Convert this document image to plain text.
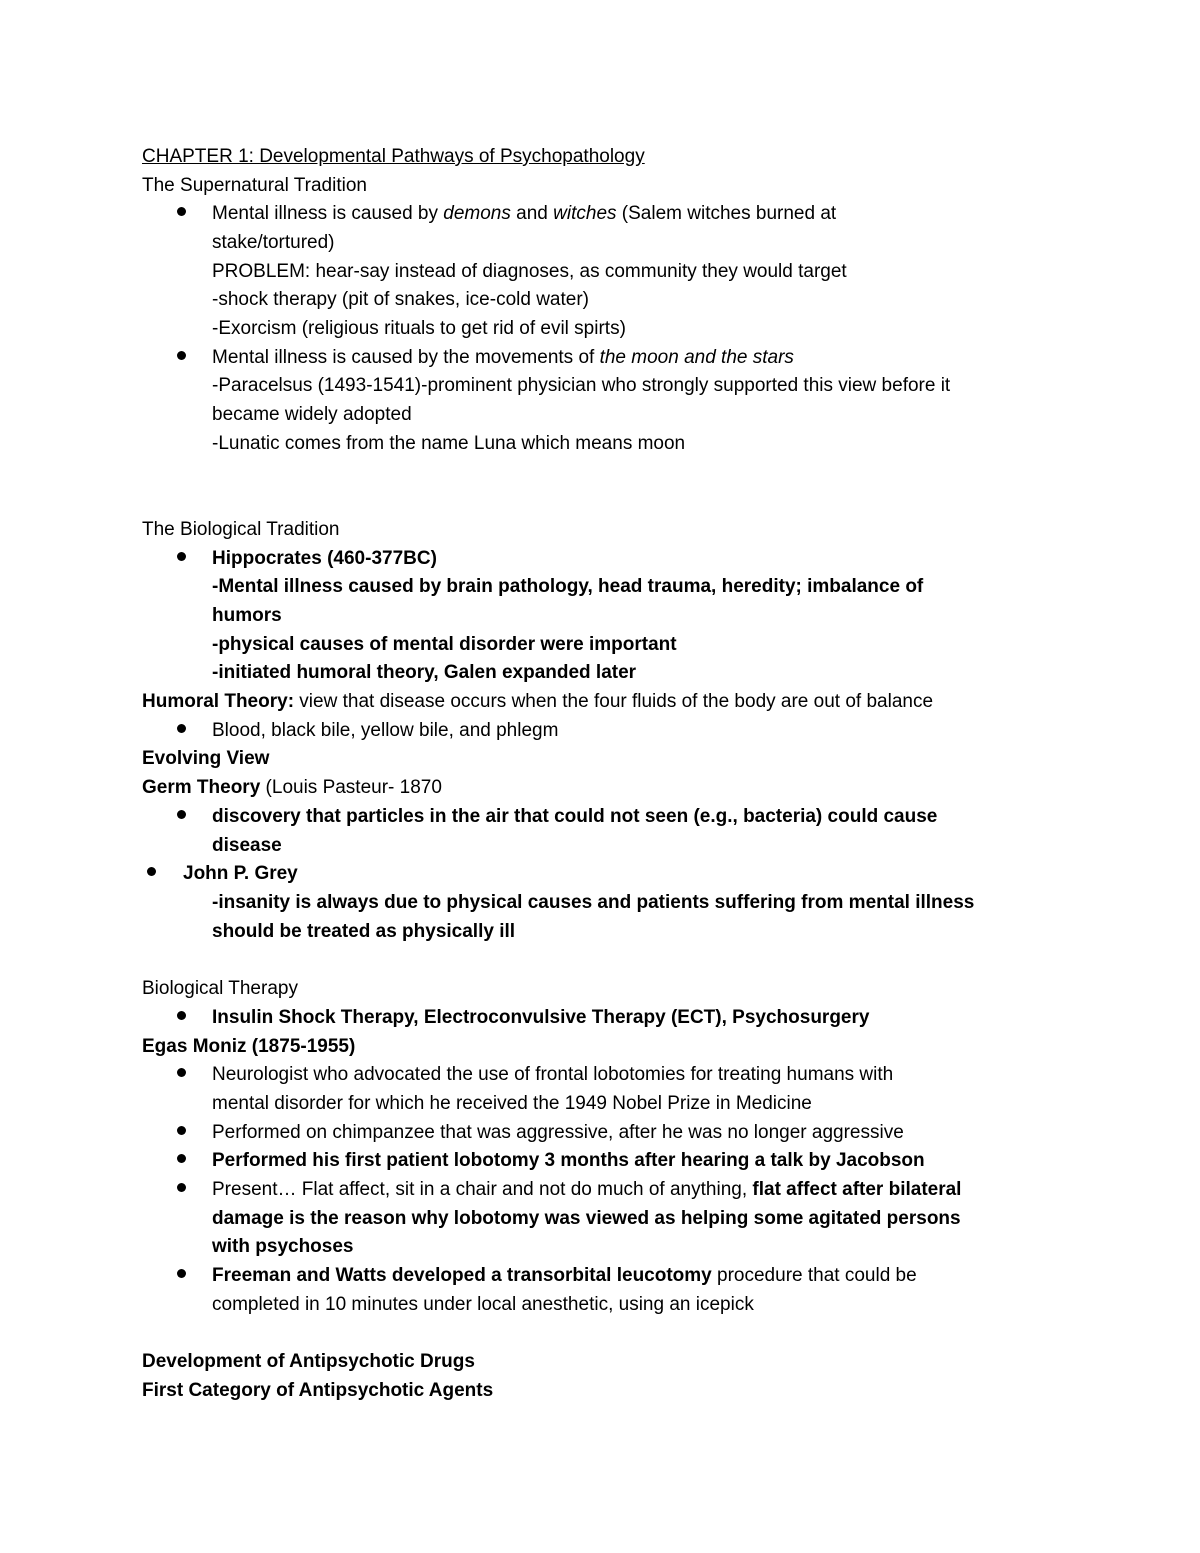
CHAPTER 1: Developmental Pathways of Psychopathology
The Supernatural Tradition
Mental illness is caused by demons and witches (Salem witches burned at
stake/tortured)
PROBLEM: hear-say instead of diagnoses, as community they would target
-shock therapy (pit of snakes, ice-cold water)
-Exorcism (religious rituals to get rid of evil spirts)
Mental illness is caused by the movements of the moon and the stars
-Paracelsus (1493-1541)-prominent physician who strongly supported this view before it
became widely adopted
-Lunatic comes from the name Luna which means moon
The Biological Tradition
Hippocrates (460-377BC)
-Mental illness caused by brain pathology, head trauma, heredity; imbalance of
humors
-physical causes of mental disorder were important
-initiated humoral theory, Galen expanded later
Humoral Theory: view that disease occurs when the four fluids of the body are out of balance
Blood, black bile, yellow bile, and phlegm
Evolving View
Germ Theory (Louis Pasteur- 1870
discovery that particles in the air that could not seen (e.g., bacteria) could cause
disease
John P. Grey
-insanity is always due to physical causes and patients suffering from mental illness
should be treated as physically ill
Biological Therapy
Insulin Shock Therapy, Electroconvulsive Therapy (ECT), Psychosurgery
Egas Moniz (1875-1955)
Neurologist who advocated the use of frontal lobotomies for treating humans with
mental disorder for which he received the 1949 Nobel Prize in Medicine
Performed on chimpanzee that was aggressive, after he was no longer aggressive
Performed his first patient lobotomy 3 months after hearing a talk by Jacobson
Present… Flat affect, sit in a chair and not do much of anything, flat affect after bilateral
damage is the reason why lobotomy was viewed as helping some agitated persons
with psychoses
Freeman and Watts developed a transorbital leucotomy procedure that could be
completed in 10 minutes under local anesthetic, using an icepick
Development of Antipsychotic Drugs
First Category of Antipsychotic Agents
